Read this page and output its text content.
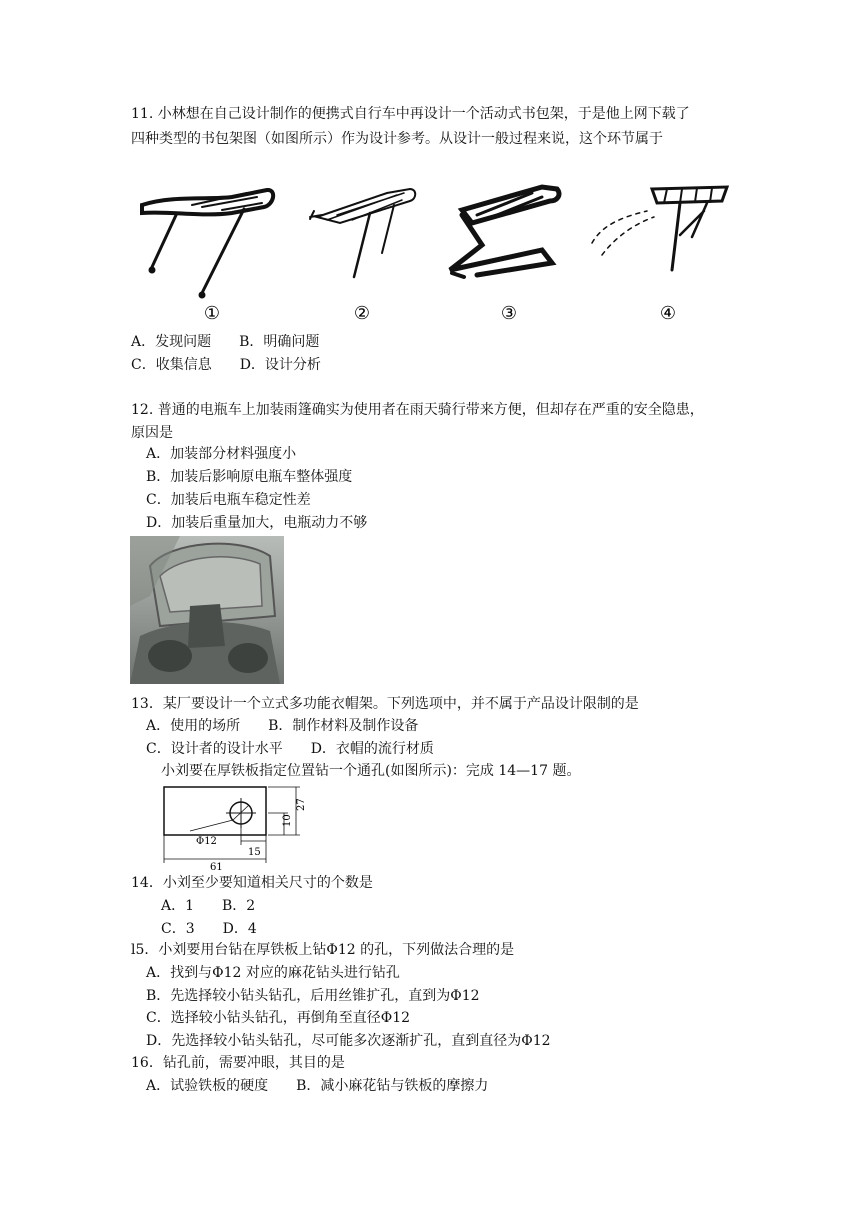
11. 小林想在自己设计制作的便携式自行车中再设计一个活动式书包架，于是他上网下载了
四种类型的书包架图（如图所示）作为设计参考。从设计一般过程来说，这个环节属于
①	②	③	④
A．发现问题　　B．明确问题
C．收集信息　　D．设计分析
12. 普通的电瓶车上加装雨篷确实为使用者在雨天骑行带来方便，但却存在严重的安全隐患，
原因是
A．加装部分材料强度小
B．加装后影响原电瓶车整体强度
C．加装后电瓶车稳定性差
D．加装后重量加大，电瓶动力不够
13．某厂要设计一个立式多功能衣帽架。下列选项中，并不属于产品设计限制的是
A．使用的场所　　B．制作材料及制作设备
C．设计者的设计水平　　D．衣帽的流行材质
小刘要在厚铁板指定位置钻一个通孔(如图所示)：完成 14—17 题。
Φ12
15
61
27
10
14．小刘至少要知道相关尺寸的个数是
A．1　　B．2
C．3　　D．4
l5．小刘要用台钻在厚铁板上钻Φ12 的孔，下列做法合理的是
A．找到与Φ12 对应的麻花钻头进行钻孔
B．先选择较小钻头钻孔，后用丝锥扩孔，直到为Φ12
C．选择较小钻头钻孔，再倒角至直径Φ12
D．先选择较小钻头钻孔，尽可能多次逐渐扩孔，直到直径为Φ12
16．钻孔前，需要冲眼，其目的是
A．试验铁板的硬度　　B．减小麻花钻与铁板的摩擦力
